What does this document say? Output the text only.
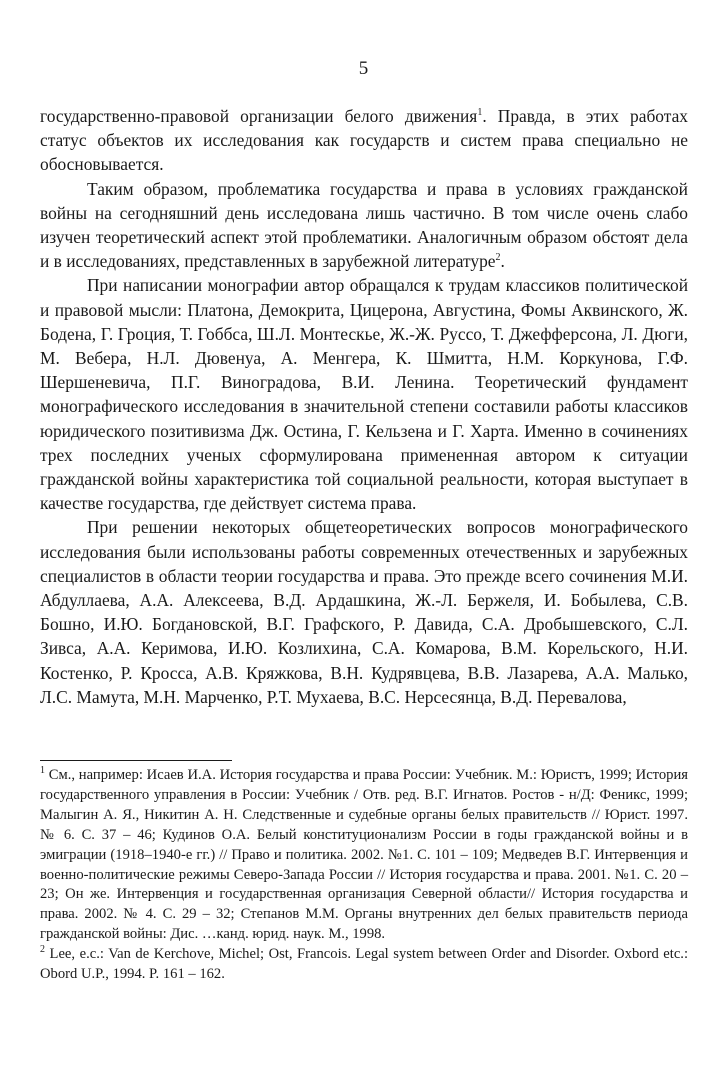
5

государственно-правовой организации белого движения$^1$. Правда, в этих работах статус объектов их исследования как государств и систем права специально не обосновывается.

Таким образом, проблематика государства и права в условиях гражданской войны на сегодняшний день исследована лишь частично. В том числе очень слабо изучен теоретический аспект этой проблематики. Аналогичным образом обстоят дела и в исследованиях, представленных в зарубежной литературе$^2$.

При написании монографии автор обращался к трудам классиков политической и правовой мысли: Платона, Демокрита, Цицерона, Августина, Фомы Аквинского, Ж. Бодена, Г. Гроция, Т. Гоббса, Ш.Л. Монтескье, Ж.-Ж. Руссо, Т. Джефферсона, Л. Дюги, М. Вебера, Н.Л. Дювенуа, А. Менгера, К. Шмитта, Н.М. Коркунова, Г.Ф. Шершеневича, П.Г. Виноградова, В.И. Ленина. Теоретический фундамент монографического исследования в значительной степени составили работы классиков юридического позитивизма Дж. Остина, Г. Кельзена и Г. Харта. Именно в сочинениях трех последних ученых сформулирована примененная автором к ситуации гражданской войны характеристика той социальной реальности, которая выступает в качестве государства, где действует система права.

При решении некоторых общетеоретических вопросов монографического исследования были использованы работы современных отечественных и зарубежных специалистов в области теории государства и права. Это прежде всего сочинения М.И. Абдуллаева, А.А. Алексеева, В.Д. Ардашкина, Ж.-Л. Бержеля, И. Бобылева, С.В. Бошно, И.Ю. Богдановской, В.Г. Графского, Р. Давида, С.А. Дробышевского, С.Л. Зивса, А.А. Керимова, И.Ю. Козлихина, С.А. Комарова, В.М. Корельского, Н.И. Костенко, Р. Кросса, А.В. Кряжкова, В.Н. Кудрявцева, В.В. Лазарева, А.А. Малько, Л.С. Мамута, М.Н. Марченко, Р.Т. Мухаева, В.С. Нерсесянца, В.Д. Перевалова,

$^1$ См., например: Исаев И.А. История государства и права России: Учебник. М.: Юристъ, 1999; История государственного управления в России: Учебник / Отв. ред. В.Г. Игнатов. Ростов - н/Д: Феникс, 1999; Малыгин А. Я., Никитин А. Н. Следственные и судебные органы белых правительств // Юрист. 1997. № 6. С. 37 – 46; Кудинов О.А. Белый конституционализм России в годы гражданской войны и в эмиграции (1918–1940-е гг.) // Право и политика. 2002. №1. С. 101 – 109; Медведев В.Г. Интервенция и военно-политические режимы Северо-Запада России // История государства и права. 2001. №1. С. 20 – 23; Он же. Интервенция и государственная организация Северной области// История государства и права. 2002. № 4. С. 29 – 32; Степанов М.М. Органы внутренних дел белых правительств периода гражданской войны: Дис. …канд. юрид. наук. М., 1998.

$^2$ Lee, e.c.: Van de Kerchove, Michel; Ost, Francois. Legal system between Order and Disorder. Oxbord etc.: Obord U.P., 1994. P. 161 – 162.
